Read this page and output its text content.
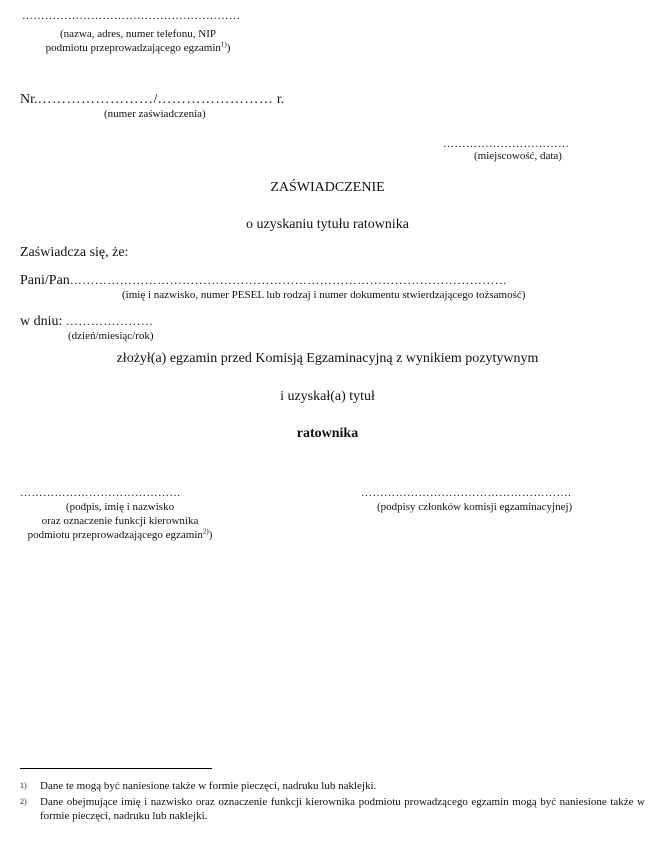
…………………………………………………
(nazwa, adres, numer telefonu, NIP
podmiotu przeprowadzającego egzamin$^{1)}$)
Nr.……………………/…………………… r.
(numer zaświadczenia)
……………………………
(miejscowość, data)
ZAŚWIADCZENIE
o uzyskaniu tytułu ratownika
Zaświadcza się, że:
Pani/Pan……………………………………………………………………………………………
(imię i nazwisko, numer PESEL lub rodzaj i numer dokumentu stwierdzającego tożsamość)
w dniu: …………………
(dzień/miesiąc/rok)
złożył(a) egzamin przed Komisją Egzaminacyjną z wynikiem pozytywnym
i uzyskał(a) tytuł
ratownika
……………………………………
(podpis, imię i nazwisko
oraz oznaczenie funkcji kierownika
podmiotu przeprowadzającego egzamin$^{2)}$)
……………………………………………….
(podpisy członków komisji egzaminacyjnej)
1) Dane te mogą być naniesione także w formie pieczęci, nadruku lub naklejki.
2) Dane obejmujące imię i nazwisko oraz oznaczenie funkcji kierownika podmiotu prowadzącego egzamin mogą być naniesione także w formie pieczęci, nadruku lub naklejki.
